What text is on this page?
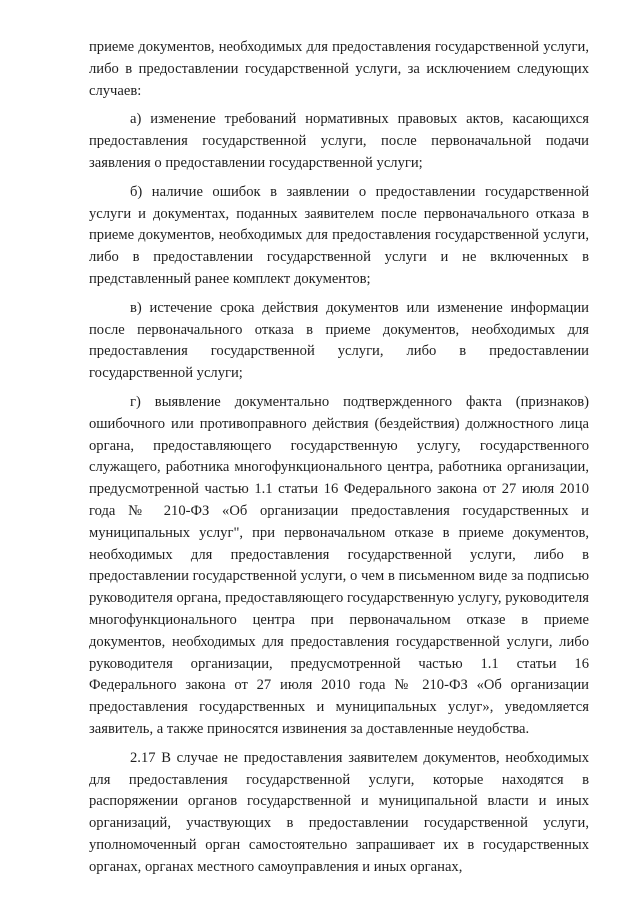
приеме документов, необходимых для предоставления государственной услуги, либо в предоставлении государственной услуги, за исключением следующих случаев:

а) изменение требований нормативных правовых актов, касающихся предоставления государственной услуги, после первоначальной подачи заявления о предоставлении государственной услуги;

б) наличие ошибок в заявлении о предоставлении государственной услуги и документах, поданных заявителем после первоначального отказа в приеме документов, необходимых для предоставления государственной услуги, либо в предоставлении государственной услуги и не включенных в представленный ранее комплект документов;

в) истечение срока действия документов или изменение информации после первоначального отказа в приеме документов, необходимых для предоставления государственной услуги, либо в предоставлении государственной услуги;

г) выявление документально подтвержденного факта (признаков) ошибочного или противоправного действия (бездействия) должностного лица органа, предоставляющего государственную услугу, государственного служащего, работника многофункционального центра, работника организации, предусмотренной частью 1.1 статьи 16 Федерального закона от 27 июля 2010 года № 210-ФЗ «Об организации предоставления государственных и муниципальных услуг", при первоначальном отказе в приеме документов, необходимых для предоставления государственной услуги, либо в предоставлении государственной услуги, о чем в письменном виде за подписью руководителя органа, предоставляющего государственную услугу, руководителя многофункционального центра при первоначальном отказе в приеме документов, необходимых для предоставления государственной услуги, либо руководителя организации, предусмотренной частью 1.1 статьи 16 Федерального закона от 27 июля 2010 года № 210-ФЗ «Об организации предоставления государственных и муниципальных услуг», уведомляется заявитель, а также приносятся извинения за доставленные неудобства.

2.17 В случае не предоставления заявителем документов, необходимых для предоставления государственной услуги, которые находятся в распоряжении органов государственной и муниципальной власти и иных организаций, участвующих в предоставлении государственной услуги, уполномоченный орган самостоятельно запрашивает их в государственных органах, органах местного самоуправления и иных органах,
